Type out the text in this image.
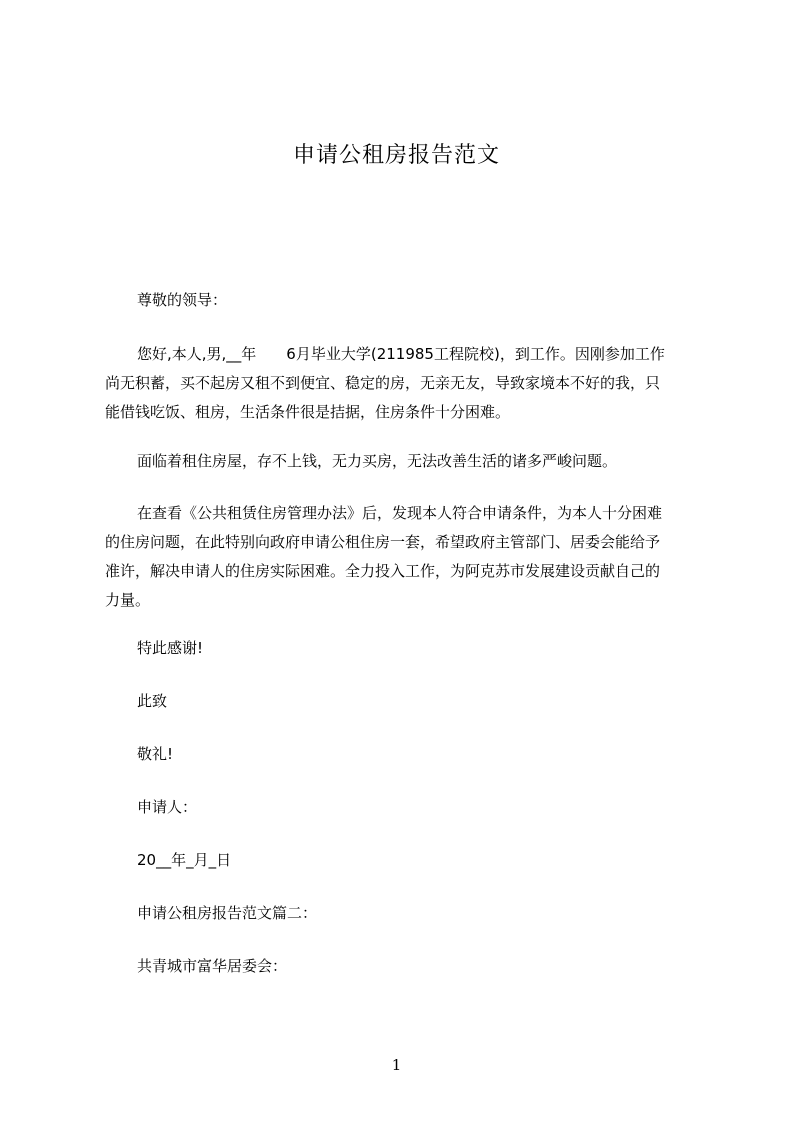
申请公租房报告范文
尊敬的领导：
您好,本人,男,__年　　6月毕业大学(211985工程院校)，到工作。因刚参加工作
尚无积蓄，买不起房又租不到便宜、稳定的房，无亲无友，导致家境本不好的我，只
能借钱吃饭、租房，生活条件很是拮据，住房条件十分困难。
面临着租住房屋，存不上钱，无力买房，无法改善生活的诸多严峻问题。
在查看《公共租赁住房管理办法》后，发现本人符合申请条件，为本人十分困难
的住房问题，在此特别向政府申请公租住房一套，希望政府主管部门、居委会能给予
准许，解决申请人的住房实际困难。全力投入工作，为阿克苏市发展建设贡献自己的
力量。
特此感谢!
此致
敬礼!
申请人：
20__年_月_日
申请公租房报告范文篇二：
共青城市富华居委会：
1
